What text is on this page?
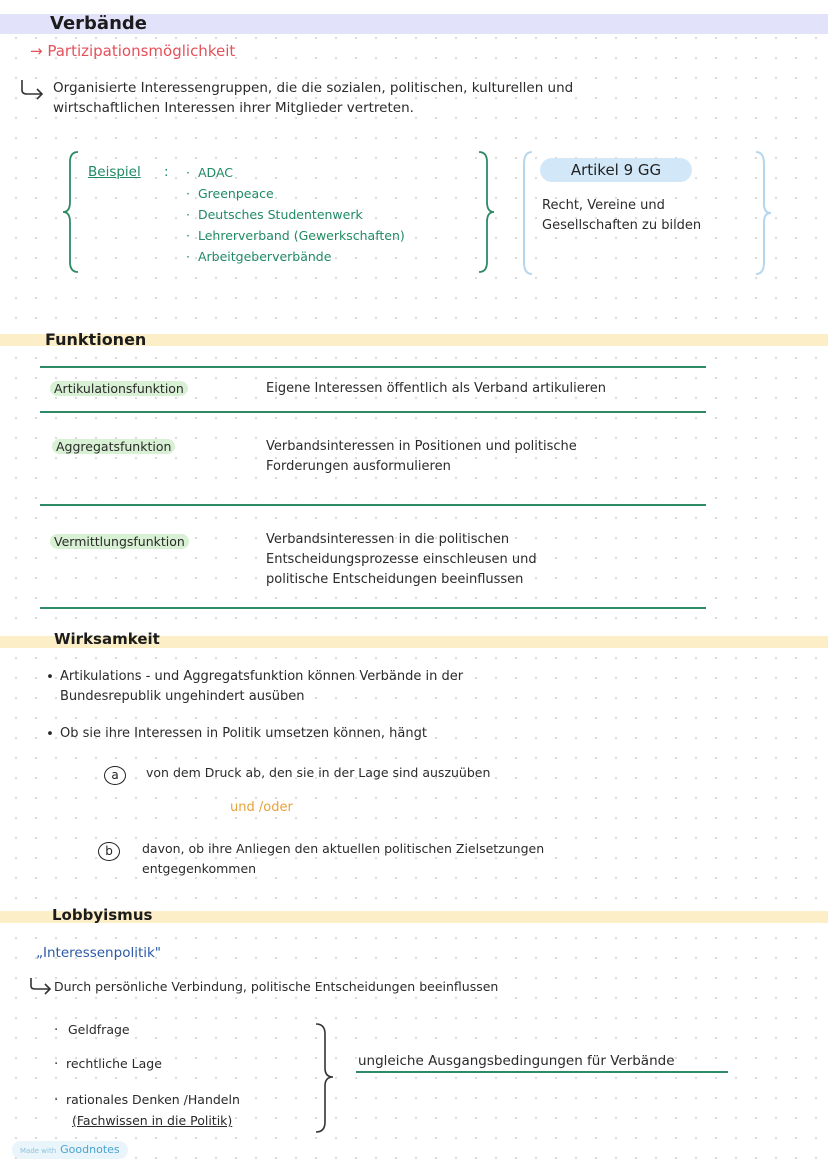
Verbände
→ Partizipationsmöglichkeit
Organisierte Interessengruppen, die die sozialen, politischen, kulturellen und
wirtschaftlichen Interessen ihrer Mitglieder vertreten.
Beispiel :
·	ADAC
· Greenpeace
· Deutsches Studentenwerk
· Lehrerverband (Gewerkschaften)
· Arbeitgeberverbände
Artikel 9 GG
Recht, Vereine und
Gesellschaften zu bilden
Funktionen
Artikulationsfunktion	Eigene Interessen öffentlich als Verband artikulieren
Aggregatsfunktion	Verbandsinteressen in Positionen und politische
Forderungen ausformulieren
Vermittlungsfunktion	Verbandsinteressen in die politischen
Entscheidungsprozesse einschleusen und
politische Entscheidungen beeinflussen
Wirksamkeit
• Artikulations - und Aggregatsfunktion können Verbände in der
Bundesrepublik ungehindert ausüben
• Ob sie ihre Interessen in Politik umsetzen können, hängt
a	von dem Druck ab, den sie in der Lage sind auszuüben
und /oder
b	davon, ob ihre Anliegen den aktuellen politischen Zielsetzungen
entgegenkommen
Lobbyismus
„Interessenpolitik"
Durch persönliche Verbindung, politische Entscheidungen beeinflussen
· Geldfrage
· rechtliche Lage
· rationales Denken /Handeln
(Fachwissen in die Politik)
ungleiche Ausgangsbedingungen für Verbände
Made with Goodnotes
